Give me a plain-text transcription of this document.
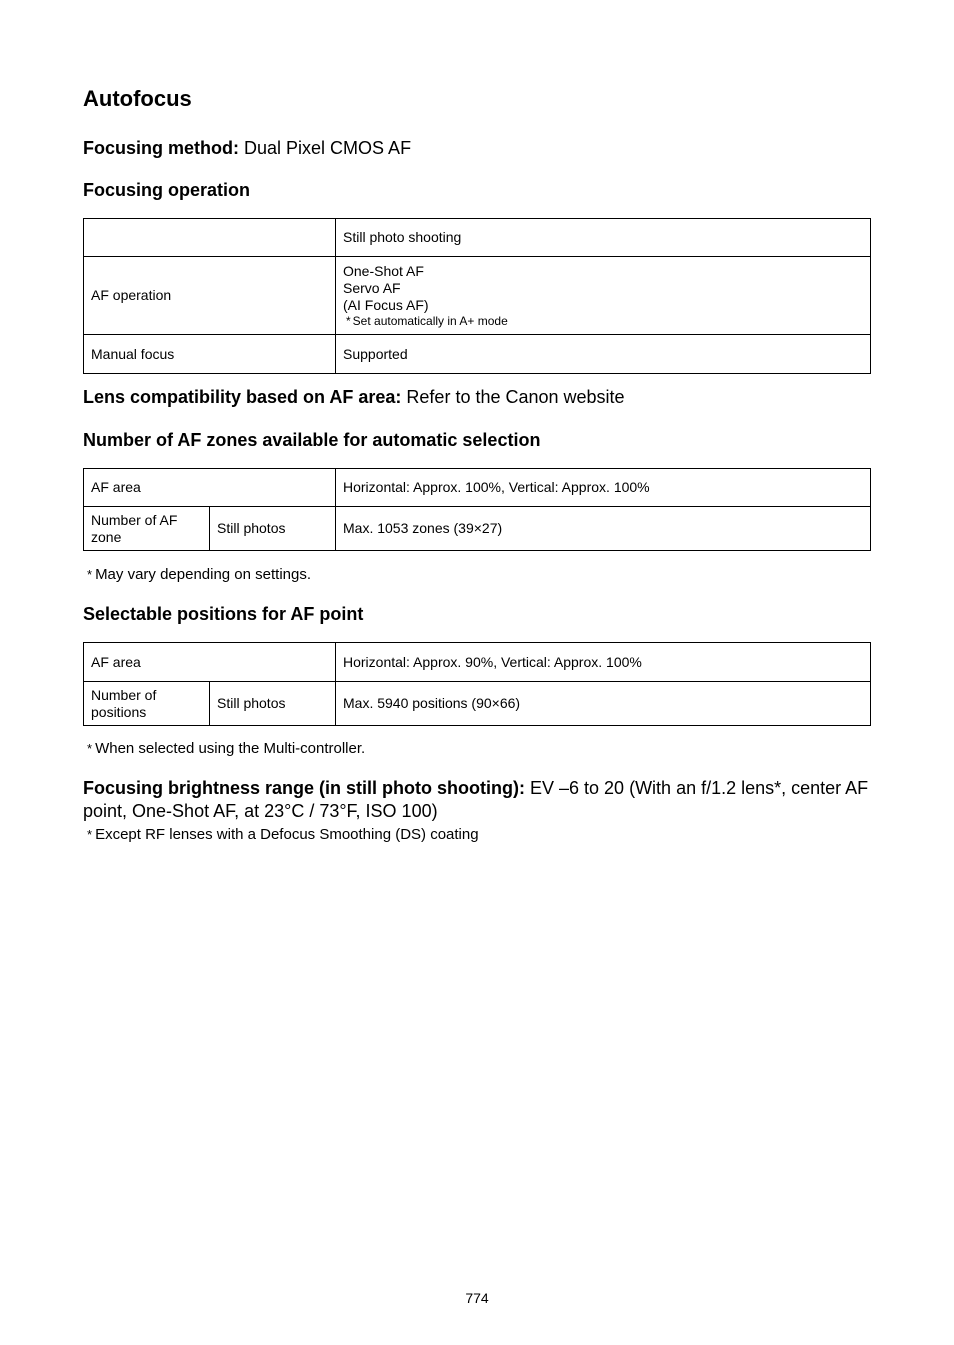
Autofocus

Focusing method: Dual Pixel CMOS AF

Focusing operation

	Still photo shooting
AF operation	One-Shot AF
Servo AF
(AI Focus AF)
* Set automatically in A+ mode

Manual focus	Supported

Lens compatibility based on AF area: Refer to the Canon website

Number of AF zones available for automatic selection

AF area		Horizontal: Approx. 100%, Vertical: Approx. 100%
Number of AF zone	Still photos	Max. 1053 zones (39×27)

* May vary depending on settings.

Selectable positions for AF point

AF area		Horizontal: Approx. 90%, Vertical: Approx. 100%
Number of positions	Still photos	Max. 5940 positions (90×66)

* When selected using the Multi-controller.

Focusing brightness range (in still photo shooting): EV –6 to 20 (With an f/1.2 lens*, center AF point, One-Shot AF, at 23°C / 73°F, ISO 100)

* Except RF lenses with a Defocus Smoothing (DS) coating

774
